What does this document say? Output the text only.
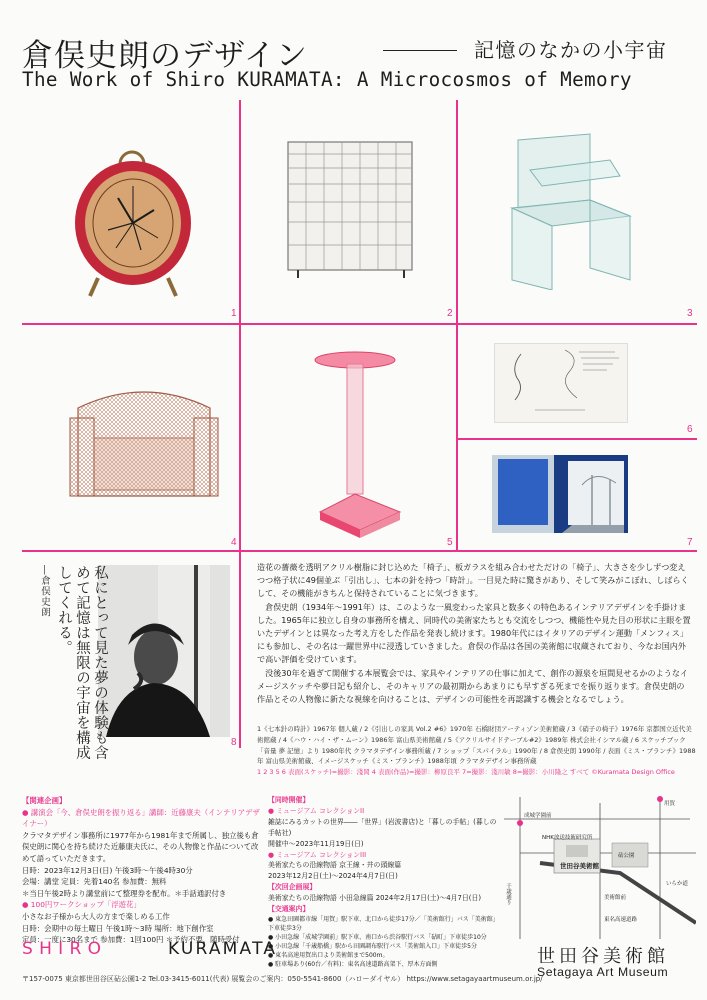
倉俣史朗のデザイン	記憶のなかの小宇宙
The Work of Shiro KURAMATA: A Microcosmos of Memory
1	2	3
4	5
6
7
8
私にとって見た夢の体験も含めて記憶は無限の宇宙を構成してくれる。
―倉俣史朗	造花の薔薇を透明アクリル樹脂に封じ込めた「椅子」、板ガラスを組み合わせただけの「椅子」、大きさを少しずつ変えつつ格子状に49個並ぶ「引出し」、七本の針を持つ「時計」。一目見た時に驚きがあり、そして笑みがこぼれ、しばらくして、その機能がきちんと保持されていることに気づきます。

倉俣史朗（1934年～1991年）は、このような一風変わった家具と数多くの特色あるインテリアデザインを手掛けました。1965年に独立し自身の事務所を構え、同時代の美術家たちとも交流をしつつ、機能性や見た目の形状に主眼を置いたデザインとは異なった考え方をした作品を発表し続けます。1980年代にはイタリアのデザイン運動「メンフィス」にも参加し、その名は一躍世界中に浸透していきました。倉俣の作品は各国の美術館に収蔵されており、今なお国内外で高い評価を受けています。

没後30年を過ぎて開催する本展覧会では、家具やインテリアの仕事に加えて、創作の源泉を垣間見せるかのようなイメージスケッチや夢日記も紹介し、そのキャリアの最初期からあまりにも早すぎる死までを振り返ります。倉俣史朗の作品とその人物像に新たな視線を向けることは、デザインの可能性を再認識する機会となるでしょう。

1《七本針の時計》1967年 個人蔵 / 2《引出しの家具 Vol.2 #6》1970年 石橋財団アーティゾン美術館蔵 / 3《硝子の椅子》1976年 京都国立近代美術館蔵 / 4《ハウ・ハイ・ザ・ムーン》1986年 富山県美術館蔵 / 5《アクリルサイドテーブル#2》1989年 株式会社イシマル蔵 / 6 スケッチブック「音量 夢 記憶」より 1980年代 クラマタデザイン事務所蔵 / 7 ショップ「スパイラル」1990年 / 8 倉俣史朗 1990年 / 表面《ミス・ブランチ》1988年 富山県美術館蔵、イメージスケッチ《ミス・ブランチ》1988年頃 クラマタデザイン事務所蔵
1 2 3 5 6 表面(スケッチ)=撮影：淺岡 4 表面(作品)=撮影：柳原良平 7=撮影：淺川敏 8=撮影：小川隆之 すべて ©Kuramata Design Office
【関連企画】
● 講演会「今、倉俣史朗を振り返る」講師：近藤康夫（インテリアデザイナー）
クラマタデザイン事務所に1977年から1981年まで所属し、独立後も倉俣史朗に関心を持ち続けた近藤康夫氏に、その人物像と作品について改めて語っていただきます。
日時：2023年12月3日(日) 午後3時～午後4時30分
会場：講堂 定員：先着140名 参加費：無料
＊当日午後2時より講堂前にて整理券を配布。＊手話通訳付き
● 100円ワークショップ「浮遊花」
小さなお子様から大人の方まで楽しめる工作
日時：会期中の毎土曜日 午後1時～3時 場所：地下創作室
定員：一度に30名まで 参加費：1回100円 ＊予約不要、随時受付
【同時開催】
● ミュージアム コレクションII
雑誌にみるカットの世界――「世界」(岩波書店)と「暮しの手帖」(暮しの手帖社)
開催中～2023年11月19日(日)
● ミュージアム コレクションIII
美術家たちの沿線物語 京王線・井の頭線篇
2023年12月2日(土)～2024年4月7日(日)
【次回企画展】
美術家たちの沿線物語 小田急線篇 2024年2月17日(土)～4月7日(日)
【交通案内】
● 東急田園都市線「用賀」駅下車、北口から徒歩17分／「美術館行」バス「美術館」下車徒歩3分
● 小田急線「成城学園前」駅下車、南口から渋谷駅行バス「砧町」下車徒歩10分
● 小田急線「千歳船橋」駅から田園調布駅行バス「美術館入口」下車徒歩5分
● 東名高速用賀出口より美術館まで500m。
● 駐車場あり(60台／有料)：東名高速道路高架下、厚木方面側
成城学園前
東名高速道路
NHK放送技術研究所
用賀
世田谷美術館
砧公園
いらか道
美術館前
千歳通り
SHIRO	KURAMATA	世田谷美術館
Setagaya Art Museum
〒157-0075 東京都世田谷区砧公園1-2 Tel.03-3415-6011(代表) 展覧会のご案内：050-5541-8600（ハローダイヤル） https://www.setagayaartmuseum.or.jp/
